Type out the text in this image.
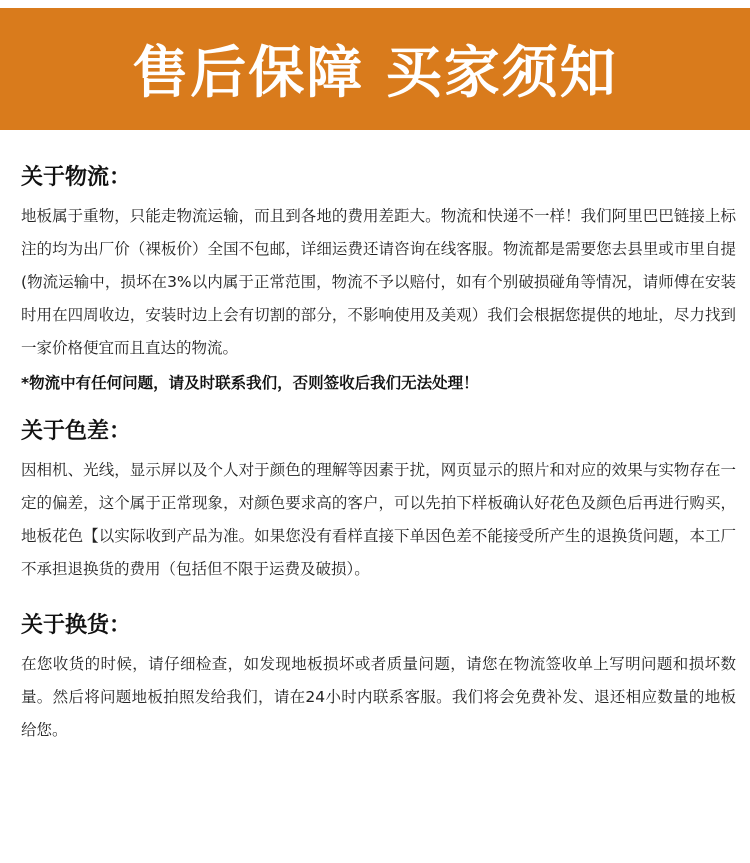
售后保障 买家须知
关于物流：

地板属于重物，只能走物流运输，而且到各地的费用差距大。物流和快递不一样！我们阿里巴巴链接上标注的均为出厂价（裸板价）全国不包邮，详细运费还请咨询在线客服。物流都是需要您去县里或市里自提(物流运输中，损坏在3%以内属于正常范围，物流不予以赔付，如有个别破损碰角等情况，请师傅在安装时用在四周收边，安装时边上会有切割的部分，不影响使用及美观）我们会根据您提供的地址，尽力找到一家价格便宜而且直达的物流。

*物流中有任何问题，请及时联系我们，否则签收后我们无法处理！

关于色差：

因相机、光线，显示屏以及个人对于颜色的理解等因素于扰，网页显示的照片和对应的效果与实物存在一定的偏差，这个属于正常现象，对颜色要求高的客户，可以先拍下样板确认好花色及颜色后再进行购买，地板花色【以实际收到产品为准。如果您没有看样直接下单因色差不能接受所产生的退换货问题，本工厂不承担退换货的费用（包括但不限于运费及破损）。

关于换货：

在您收货的时候，请仔细检查，如发现地板损坏或者质量问题，请您在物流签收单上写明问题和损坏数量。然后将问题地板拍照发给我们，请在24小时内联系客服。我们将会免费补发、退还相应数量的地板给您。
